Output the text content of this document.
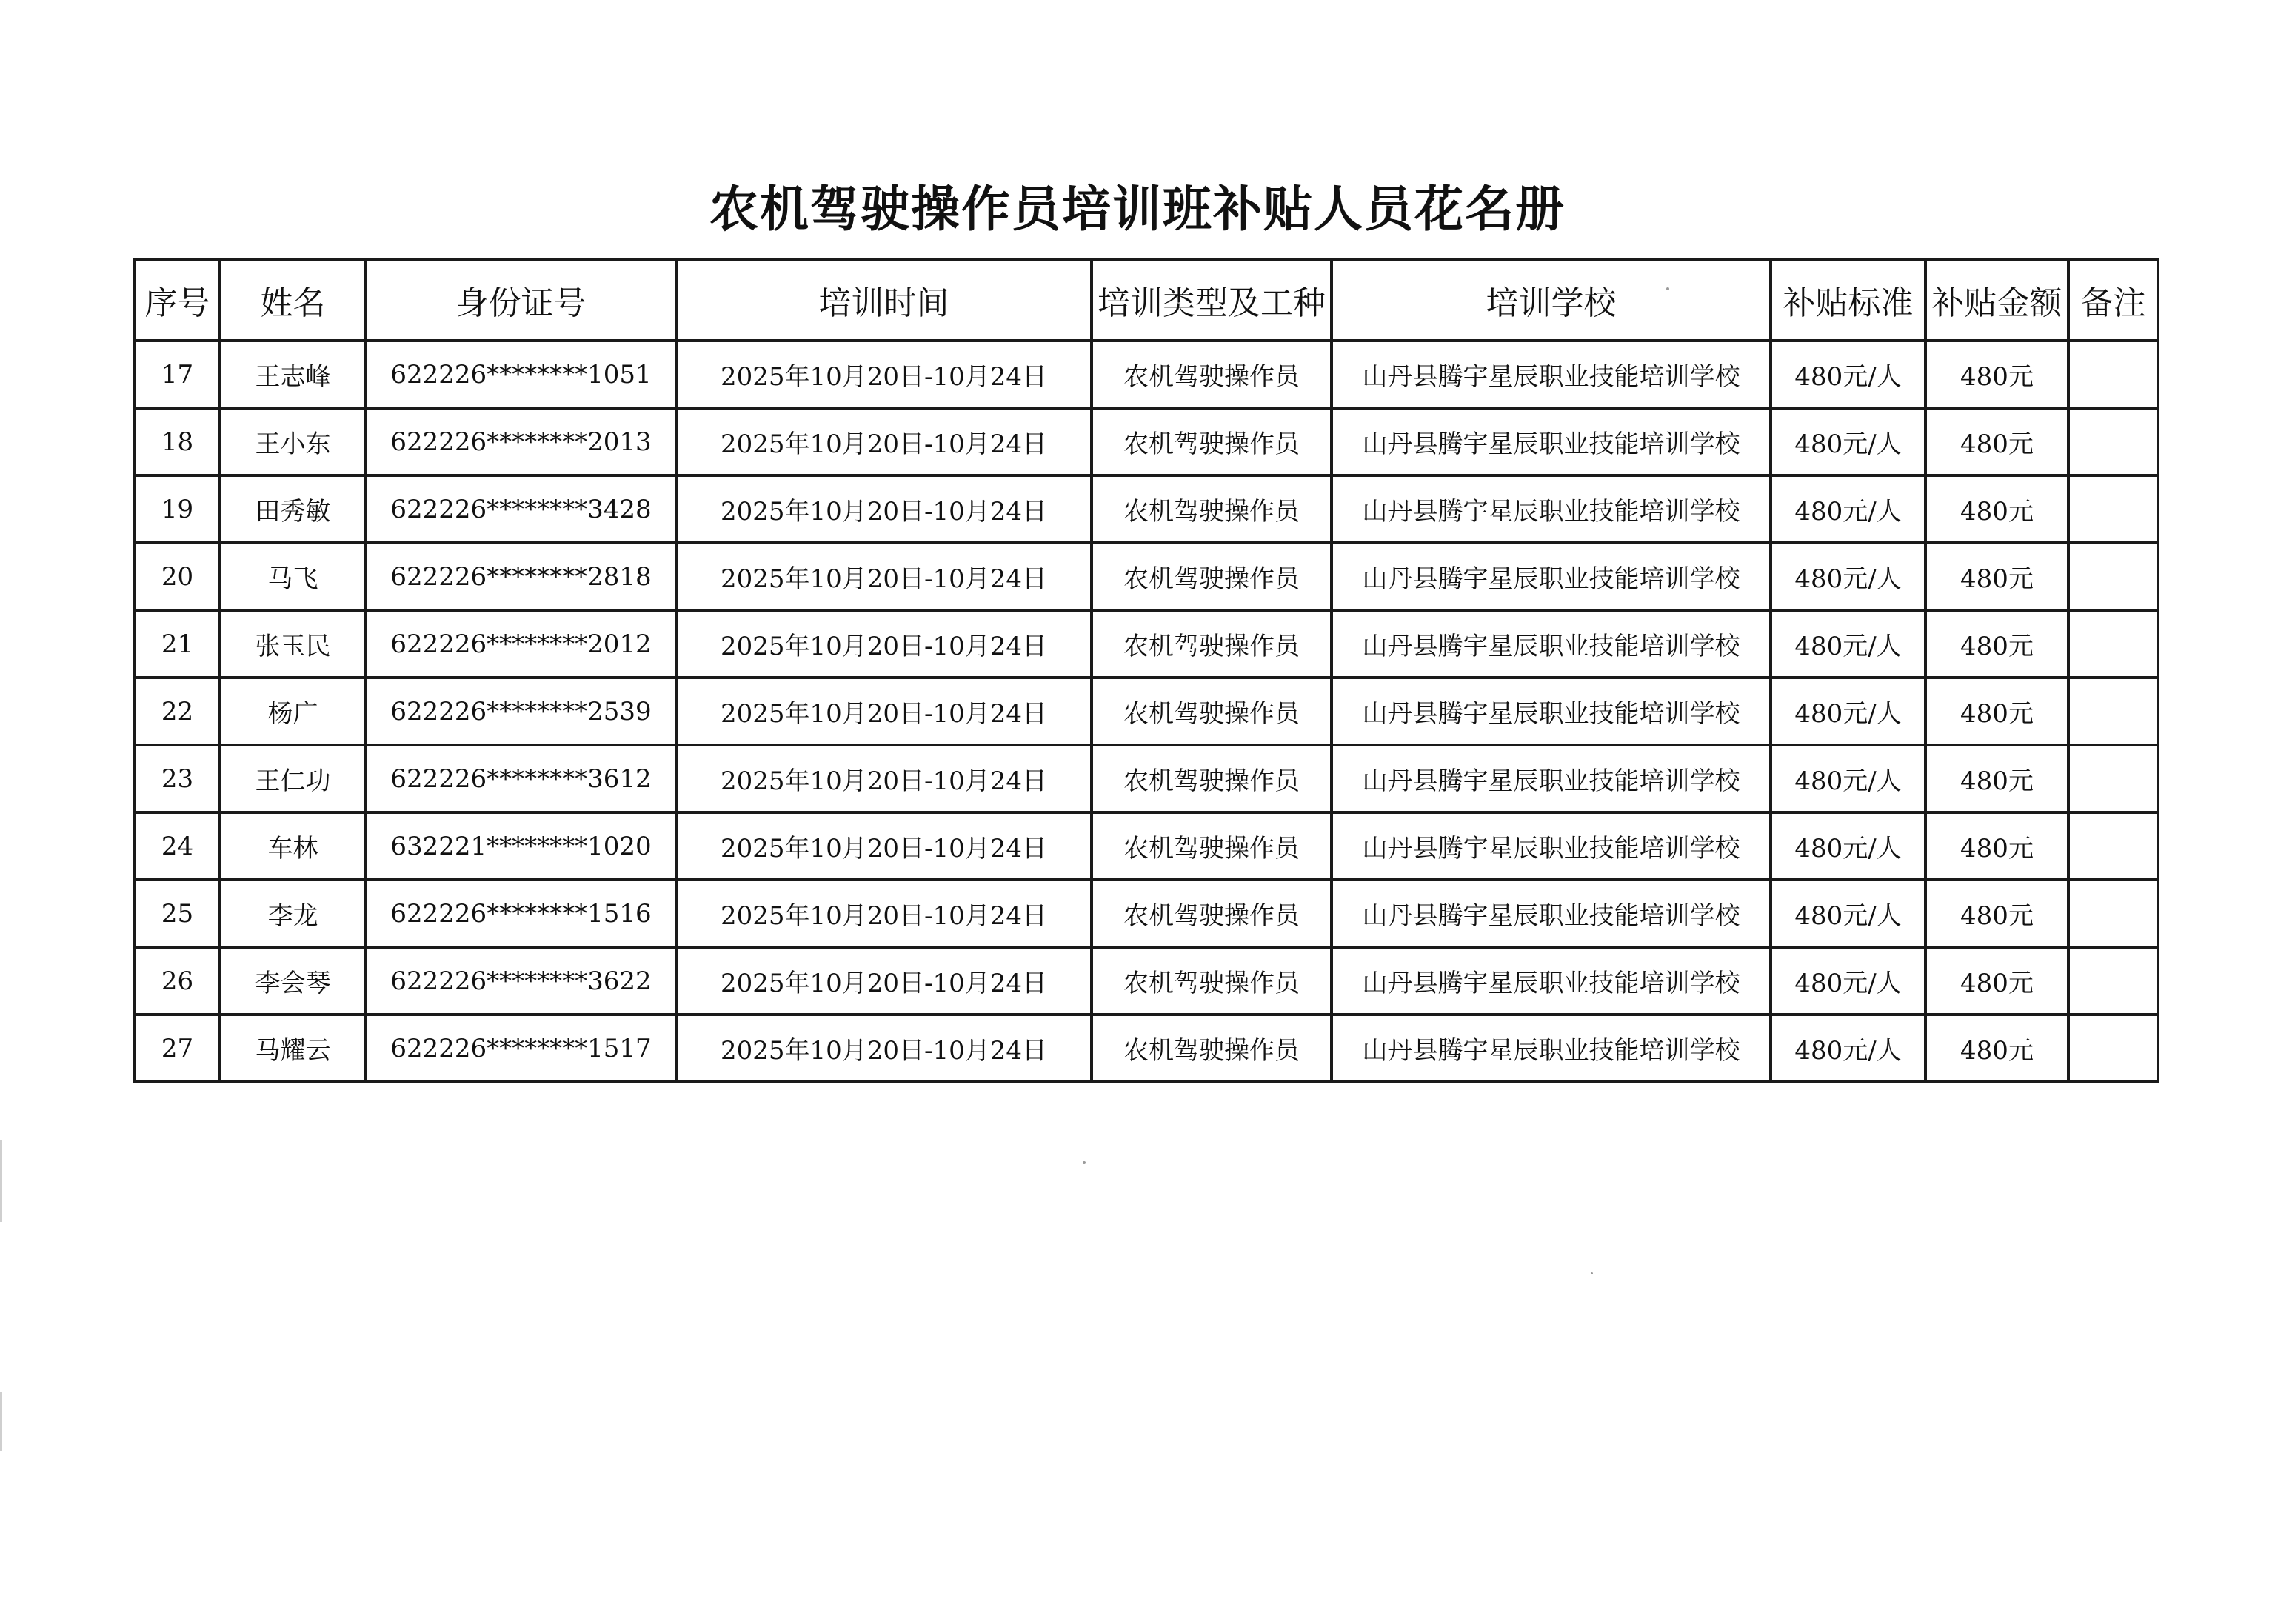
农机驾驶操作员培训班补贴人员花名册
序号	姓名	身份证号	培训时间	培训类型及工种	培训学校	补贴标准	补贴金额	备注
17	王志峰	622226********1051	2025年10月20日-10月24日	农机驾驶操作员	山丹县腾宇星辰职业技能培训学校	480元/人	480元	
18	王小东	622226********2013	2025年10月20日-10月24日	农机驾驶操作员	山丹县腾宇星辰职业技能培训学校	480元/人	480元	
19	田秀敏	622226********3428	2025年10月20日-10月24日	农机驾驶操作员	山丹县腾宇星辰职业技能培训学校	480元/人	480元	
20	马飞	622226********2818	2025年10月20日-10月24日	农机驾驶操作员	山丹县腾宇星辰职业技能培训学校	480元/人	480元	
21	张玉民	622226********2012	2025年10月20日-10月24日	农机驾驶操作员	山丹县腾宇星辰职业技能培训学校	480元/人	480元	
22	杨广	622226********2539	2025年10月20日-10月24日	农机驾驶操作员	山丹县腾宇星辰职业技能培训学校	480元/人	480元	
23	王仁功	622226********3612	2025年10月20日-10月24日	农机驾驶操作员	山丹县腾宇星辰职业技能培训学校	480元/人	480元	
24	车林	632221********1020	2025年10月20日-10月24日	农机驾驶操作员	山丹县腾宇星辰职业技能培训学校	480元/人	480元	
25	李龙	622226********1516	2025年10月20日-10月24日	农机驾驶操作员	山丹县腾宇星辰职业技能培训学校	480元/人	480元	
26	李会琴	622226********3622	2025年10月20日-10月24日	农机驾驶操作员	山丹县腾宇星辰职业技能培训学校	480元/人	480元	
27	马耀云	622226********1517	2025年10月20日-10月24日	农机驾驶操作员	山丹县腾宇星辰职业技能培训学校	480元/人	480元	
